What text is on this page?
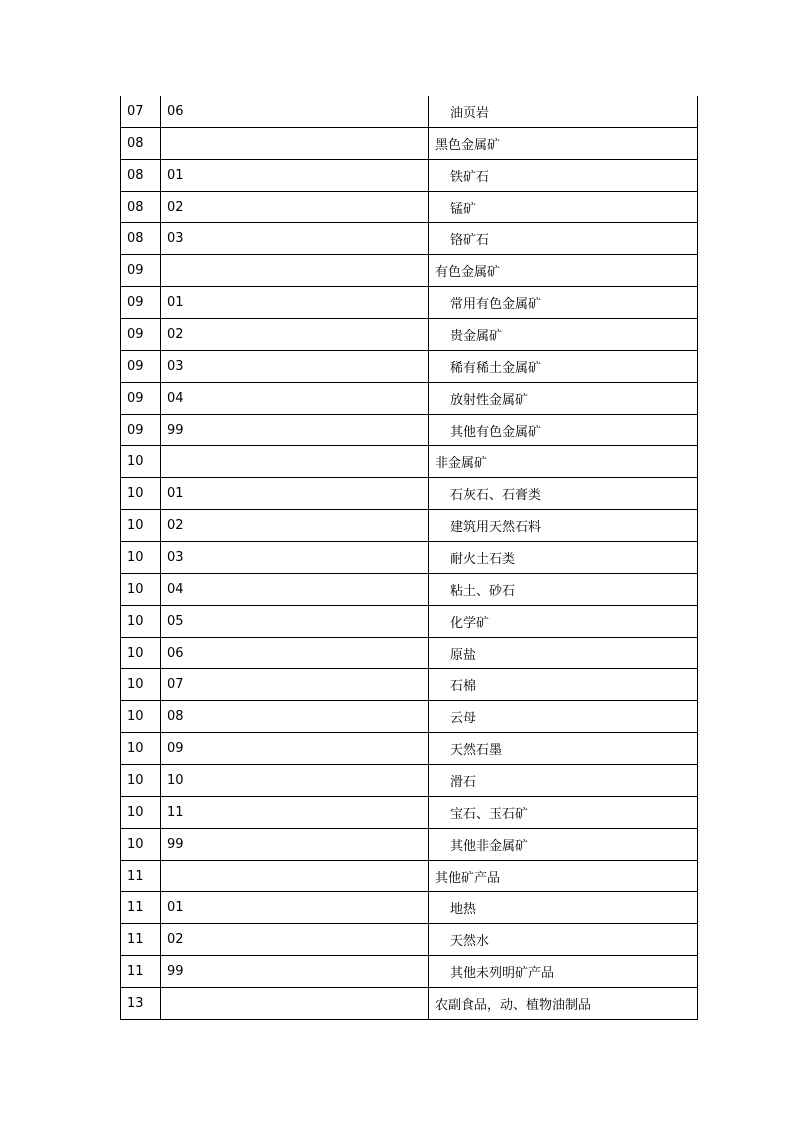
07	06	油页岩
08		黑色金属矿
08	01	铁矿石
08	02	锰矿
08	03	铬矿石
09		有色金属矿
09	01	常用有色金属矿
09	02	贵金属矿
09	03	稀有稀土金属矿
09	04	放射性金属矿
09	99	其他有色金属矿
10		非金属矿
10	01	石灰石、石膏类
10	02	建筑用天然石料
10	03	耐火土石类
10	04	粘土、砂石
10	05	化学矿
10	06	原盐
10	07	石棉
10	08	云母
10	09	天然石墨
10	10	滑石
10	11	宝石、玉石矿
10	99	其他非金属矿
11		其他矿产品
11	01	地热
11	02	天然水
11	99	其他未列明矿产品
13		农副食品，动、植物油制品
